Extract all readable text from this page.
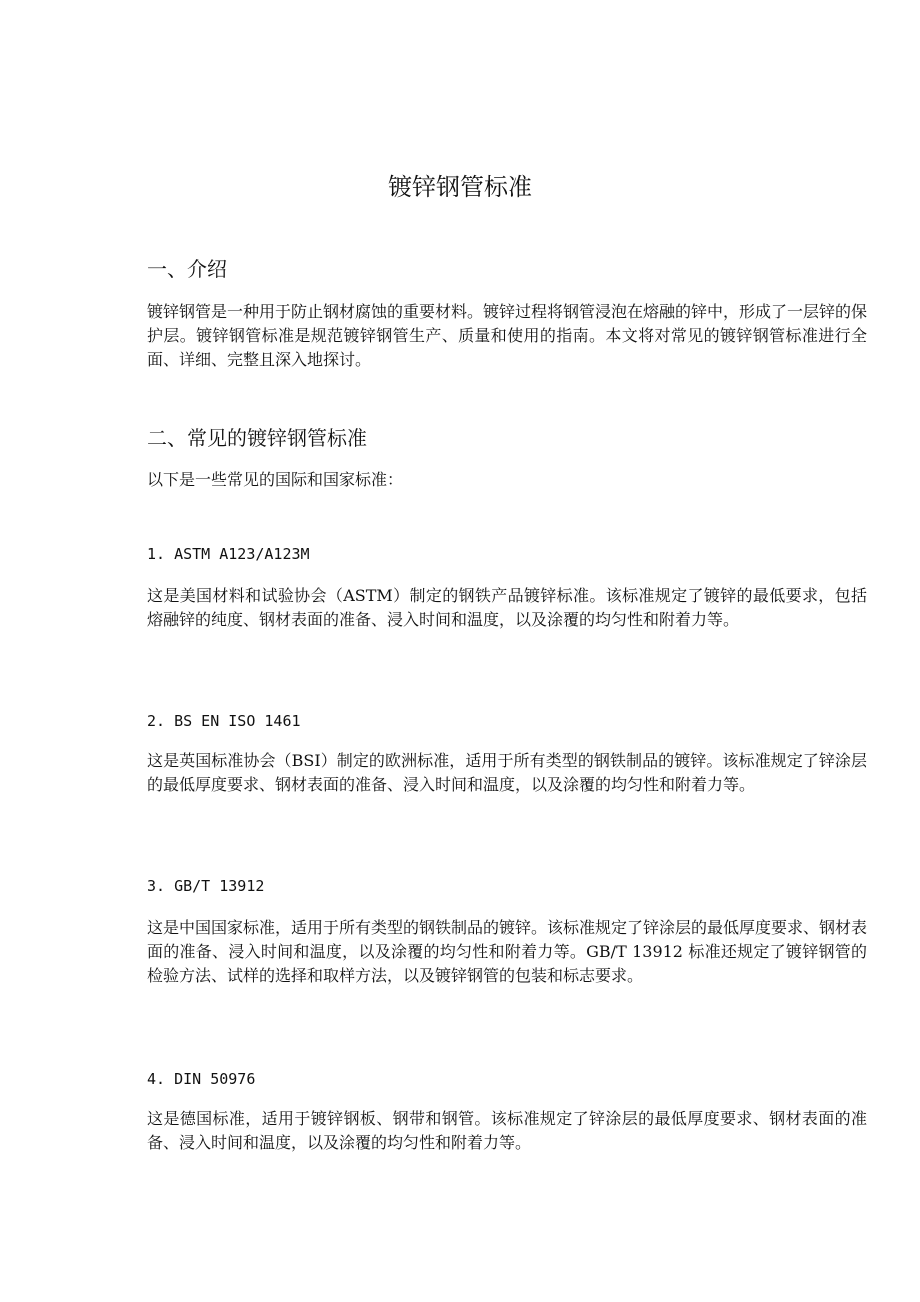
镀锌钢管标准
一、介绍
镀锌钢管是一种用于防止钢材腐蚀的重要材料。镀锌过程将钢管浸泡在熔融的锌中，形成了一层锌的保护层。镀锌钢管标准是规范镀锌钢管生产、质量和使用的指南。本文将对常见的镀锌钢管标准进行全面、详细、完整且深入地探讨。
二、常见的镀锌钢管标准
以下是一些常见的国际和国家标准：
1. ASTM A123/A123M
这是美国材料和试验协会（ASTM）制定的钢铁产品镀锌标准。该标准规定了镀锌的最低要求，包括熔融锌的纯度、钢材表面的准备、浸入时间和温度，以及涂覆的均匀性和附着力等。
2. BS EN ISO 1461
这是英国标准协会（BSI）制定的欧洲标准，适用于所有类型的钢铁制品的镀锌。该标准规定了锌涂层的最低厚度要求、钢材表面的准备、浸入时间和温度，以及涂覆的均匀性和附着力等。
3. GB/T 13912
这是中国国家标准，适用于所有类型的钢铁制品的镀锌。该标准规定了锌涂层的最低厚度要求、钢材表面的准备、浸入时间和温度，以及涂覆的均匀性和附着力等。GB/T 13912 标准还规定了镀锌钢管的检验方法、试样的选择和取样方法，以及镀锌钢管的包装和标志要求。
4. DIN 50976
这是德国标准，适用于镀锌钢板、钢带和钢管。该标准规定了锌涂层的最低厚度要求、钢材表面的准备、浸入时间和温度，以及涂覆的均匀性和附着力等。
